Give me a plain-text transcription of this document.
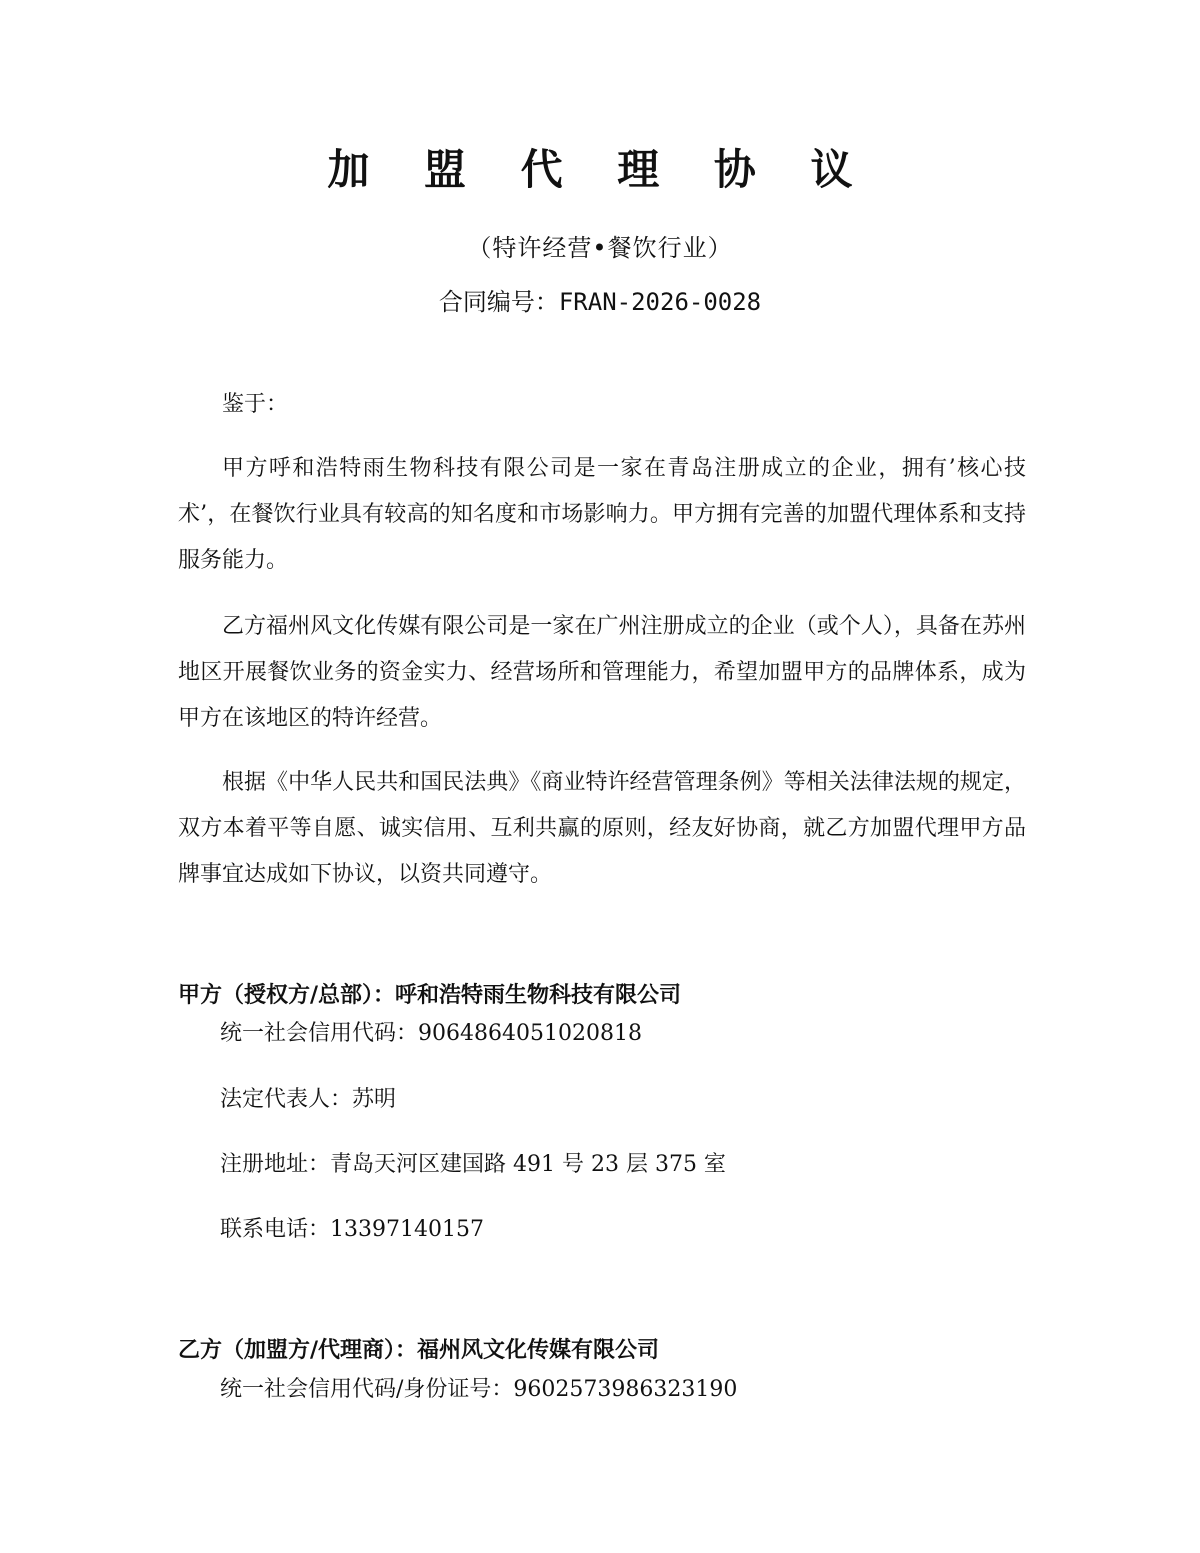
加 盟 代 理 协 议
（特许经营•餐饮行业）
合同编号：FRAN-2026-0028

鉴于：

甲方呼和浩特雨生物科技有限公司是一家在青岛注册成立的企业，拥有’核心技术’，在餐饮行业具有较高的知名度和市场影响力。甲方拥有完善的加盟代理体系和支持服务能力。

乙方福州风文化传媒有限公司是一家在广州注册成立的企业（或个人），具备在苏州地区开展餐饮业务的资金实力、经营场所和管理能力，希望加盟甲方的品牌体系，成为甲方在该地区的特许经营。

根据《中华人民共和国民法典》《商业特许经营管理条例》等相关法律法规的规定，双方本着平等自愿、诚实信用、互利共赢的原则，经友好协商，就乙方加盟代理甲方品牌事宜达成如下协议，以资共同遵守。

甲方（授权方/总部）：呼和浩特雨生物科技有限公司
统一社会信用代码：9064864051020818
法定代表人：苏明
注册地址：青岛天河区建国路 491 号 23 层 375 室
联系电话：13397140157
乙方（加盟方/代理商）：福州风文化传媒有限公司
统一社会信用代码/身份证号：9602573986323190
